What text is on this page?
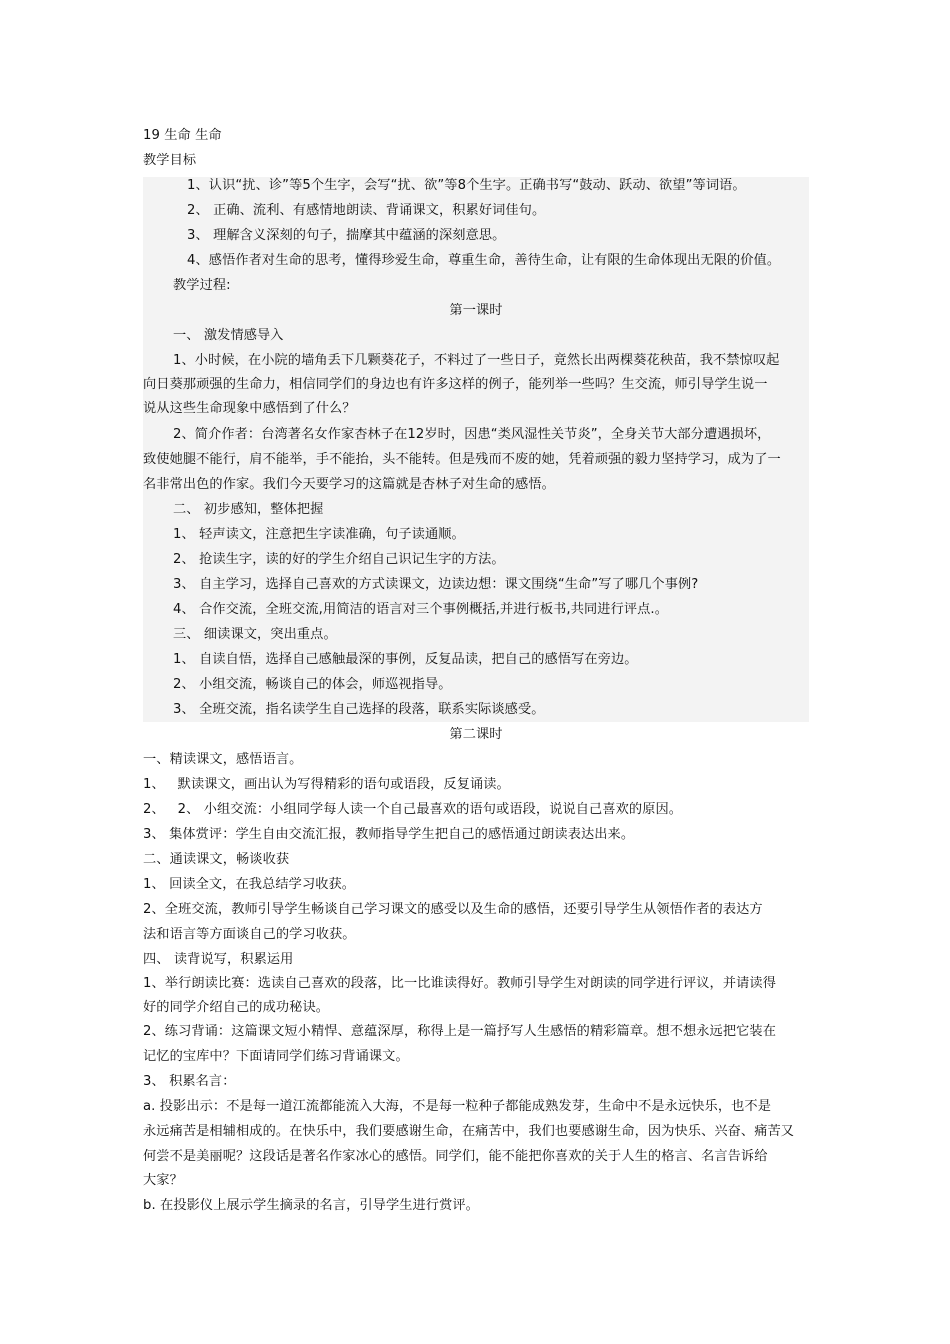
19 生命 生命
教学目标
1、认识“扰、诊”等5个生字，会写“扰、欲”等8个生字。正确书写“鼓动、跃动、欲望”等词语。
2、 正确、流利、有感情地朗读、背诵课文，积累好词佳句。
3、 理解含义深刻的句子，揣摩其中蕴涵的深刻意思。
4、感悟作者对生命的思考，懂得珍爱生命，尊重生命，善待生命，让有限的生命体现出无限的价值。
教学过程:
第一课时
一、 激发情感导入
1、小时候，在小院的墙角丢下几颗葵花子，不料过了一些日子，竟然长出两棵葵花秧苗，我不禁惊叹起
向日葵那顽强的生命力，相信同学们的身边也有许多这样的例子，能列举一些吗？生交流，师引导学生说一
说从这些生命现象中感悟到了什么？
2、简介作者：台湾著名女作家杏林子在12岁时，因患“类风湿性关节炎”，全身关节大部分遭遇损坏，
致使她腿不能行，肩不能举，手不能抬，头不能转。但是残而不废的她，凭着顽强的毅力坚持学习，成为了一
名非常出色的作家。我们今天要学习的这篇就是杏林子对生命的感悟。
二、 初步感知，整体把握
1、 轻声读文，注意把生字读准确，句子读通顺。
2、 抢读生字，读的好的学生介绍自己识记生字的方法。
3、 自主学习，选择自己喜欢的方式读课文，边读边想：课文围绕“生命”写了哪几个事例?
4、 合作交流，全班交流,用简洁的语言对三个事例概括,并进行板书,共同进行评点.。
三、 细读课文，突出重点。
1、 自读自悟，选择自己感触最深的事例，反复品读，把自己的感悟写在旁边。
2、 小组交流，畅谈自己的体会，师巡视指导。
3、 全班交流，指名读学生自己选择的段落，联系实际谈感受。
第二课时
一、精读课文，感悟语言。
1、   默读课文，画出认为写得精彩的语句或语段，反复诵读。
2、   2、 小组交流：小组同学每人读一个自己最喜欢的语句或语段，说说自己喜欢的原因。
3、 集体赏评：学生自由交流汇报，教师指导学生把自己的感悟通过朗读表达出来。
二、通读课文，畅谈收获
1、 回读全文，在我总结学习收获。
2、全班交流，教师引导学生畅谈自己学习课文的感受以及生命的感悟，还要引导学生从领悟作者的表达方
法和语言等方面谈自己的学习收获。
四、 读背说写，积累运用
1、举行朗读比赛：选读自己喜欢的段落，比一比谁读得好。教师引导学生对朗读的同学进行评议，并请读得
好的同学介绍自己的成功秘诀。
2、练习背诵：这篇课文短小精悍、意蕴深厚，称得上是一篇抒写人生感悟的精彩篇章。想不想永远把它装在
记忆的宝库中？下面请同学们练习背诵课文。
3、 积累名言：
a. 投影出示：不是每一道江流都能流入大海，不是每一粒种子都能成熟发芽，生命中不是永远快乐，也不是
永远痛苦是相辅相成的。在快乐中，我们要感谢生命，在痛苦中，我们也要感谢生命，因为快乐、兴奋、痛苦又
何尝不是美丽呢？这段话是著名作家冰心的感悟。同学们，能不能把你喜欢的关于人生的格言、名言告诉给
大家？
b. 在投影仪上展示学生摘录的名言，引导学生进行赏评。
